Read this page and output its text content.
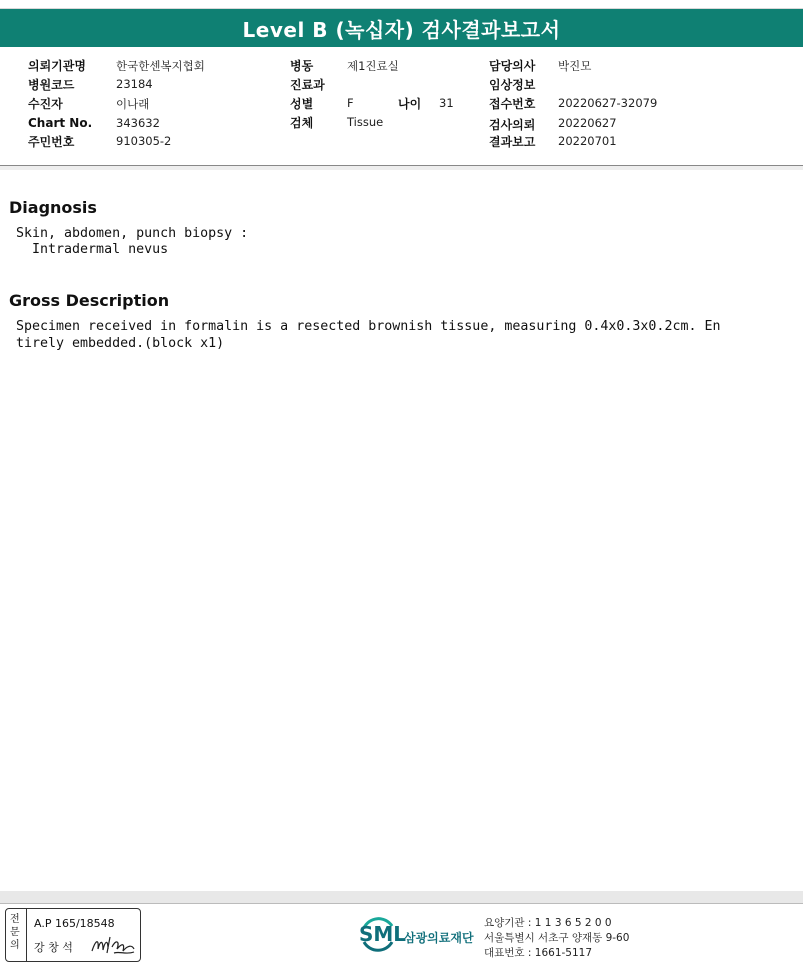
Level B (녹십자) 검사결과보고서
의뢰기관명	한국한센복지협회
병원코드	23184
수진자	이나래
Chart No. 343632
주민번호	910305-2
병동	제1진료실
진료과
성별	F	나이 31
검체	Tissue
담당의사 박진모
임상정보
접수번호 20220627-32079
검사의뢰 20220627
결과보고 20220701
Diagnosis
Skin, abdomen, punch biopsy :
Intradermal nevus
Gross Description
Specimen received in formalin is a resected brownish tissue, measuring 0.4x0.3x0.2cm. En
tirely embedded.(block x1)
전
문
의
A.P 165/18548
강 창 석
SML
삼광의료재단
요양기관 : 1 1 3 6 5 2 0 0
서울특별시 서초구 양재동 9-60
대표번호 : 1661-5117
